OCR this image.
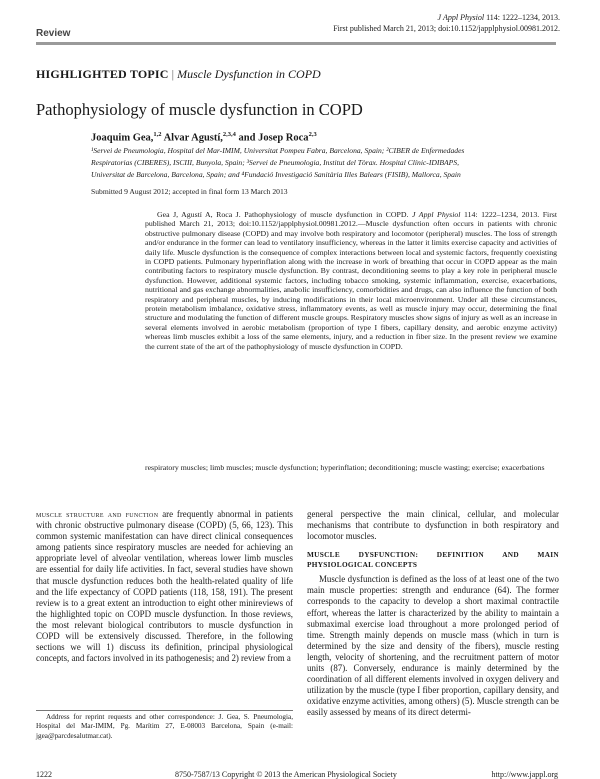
Review
J Appl Physiol 114: 1222–1234, 2013.
First published March 21, 2013; doi:10.1152/japplphysiol.00981.2012.
HIGHLIGHTED TOPIC | Muscle Dysfunction in COPD
Pathophysiology of muscle dysfunction in COPD
Joaquim Gea,$^{1,2}$ Alvar Agustí,$^{2,3,4}$ and Josep Roca$^{2,3}$

¹Servei de Pneumologia, Hospital del Mar-IMIM, Universitat Pompeu Fabra, Barcelona, Spain; ²CIBER de Enfermedades

Respiratorias (CIBERES), ISCIII, Bunyola, Spain; ³Servei de Pneumologia, Institut del Tòrax. Hospital Clínic-IDIBAPS,

Universitat de Barcelona, Barcelona, Spain; and ⁴Fundació Investigació Sanitària Illes Balears (FISIB), Mallorca, Spain

Submitted 9 August 2012; accepted in final form 13 March 2013
Gea J, Agustí A, Roca J. Pathophysiology of muscle dysfunction in COPD. J Appl Physiol 114: 1222–1234, 2013. First published March 21, 2013; doi:10.1152/japplphysiol.00981.2012.—Muscle dysfunction often occurs in patients with chronic obstructive pulmonary disease (COPD) and may involve both respiratory and locomotor (peripheral) muscles. The loss of strength and/or endurance in the former can lead to ventilatory insufficiency, whereas in the latter it limits exercise capacity and activities of daily life. Muscle dysfunction is the consequence of complex interactions between local and systemic factors, frequently coexisting in COPD patients. Pulmonary hyperinflation along with the increase in work of breathing that occur in COPD appear as the main contributing factors to respiratory muscle dysfunction. By contrast, deconditioning seems to play a key role in peripheral muscle dysfunction. However, additional systemic factors, including tobacco smoking, systemic inflammation, exercise, exacerbations, nutritional and gas exchange abnormalities, anabolic insufficiency, comorbidities and drugs, can also influence the function of both respiratory and peripheral muscles, by inducing modifications in their local microenvironment. Under all these circumstances, protein metabolism imbalance, oxidative stress, inflammatory events, as well as muscle injury may occur, determining the final structure and modulating the function of different muscle groups. Respiratory muscles show signs of injury as well as an increase in several elements involved in aerobic metabolism (proportion of type I fibers, capillary density, and aerobic enzyme activity) whereas limb muscles exhibit a loss of the same elements, injury, and a reduction in fiber size. In the present review we examine the current state of the art of the pathophysiology of muscle dysfunction in COPD.
respiratory muscles; limb muscles; muscle dysfunction; hyperinflation; deconditioning; muscle wasting; exercise; exacerbations

muscle structure and function are frequently abnormal in patients with chronic obstructive pulmonary disease (COPD) (5, 66, 123). This common systemic manifestation can have direct clinical consequences among patients since respiratory muscles are needed for achieving an appropriate level of alveolar ventilation, whereas lower limb muscles are essential for daily life activities. In fact, several studies have shown that muscle dysfunction reduces both the health-related quality of life and the life expectancy of COPD patients (118, 158, 191). The present review is to a great extent an introduction to eight other minireviews of the highlighted topic on COPD muscle dysfunction. In those reviews, the most relevant biological contributors to muscle dysfunction in COPD will be extensively discussed. Therefore, in the following sections we will 1) discuss its definition, principal physiological concepts, and factors involved in its pathogenesis; and 2) review from a

general perspective the main clinical, cellular, and molecular mechanisms that contribute to dysfunction in both respiratory and locomotor muscles.

MUSCLE DYSFUNCTION: DEFINITION AND MAIN PHYSIOLOGICAL CONCEPTS

Muscle dysfunction is defined as the loss of at least one of the two main muscle properties: strength and endurance (64). The former corresponds to the capacity to develop a short maximal contractile effort, whereas the latter is characterized by the ability to maintain a submaximal exercise load throughout a more prolonged period of time. Strength mainly depends on muscle mass (which in turn is determined by the size and density of the fibers), muscle resting length, velocity of shortening, and the recruitment pattern of motor units (87). Conversely, endurance is mainly determined by the coordination of all different elements involved in oxygen delivery and utilization by the muscle (type I fiber proportion, capillary density, and oxidative enzyme activities, among others) (5). Muscle strength can be easily assessed by means of its direct determi-

Address for reprint requests and other correspondence: J. Gea, S. Pneumologia, Hospital del Mar-IMIM, Pg. Marítim 27, E-08003 Barcelona, Spain (e-mail: jgea@parcdesalutmar.cat).
1222	8750-7587/13 Copyright © 2013 the American Physiological Society	http://www.jappl.org
